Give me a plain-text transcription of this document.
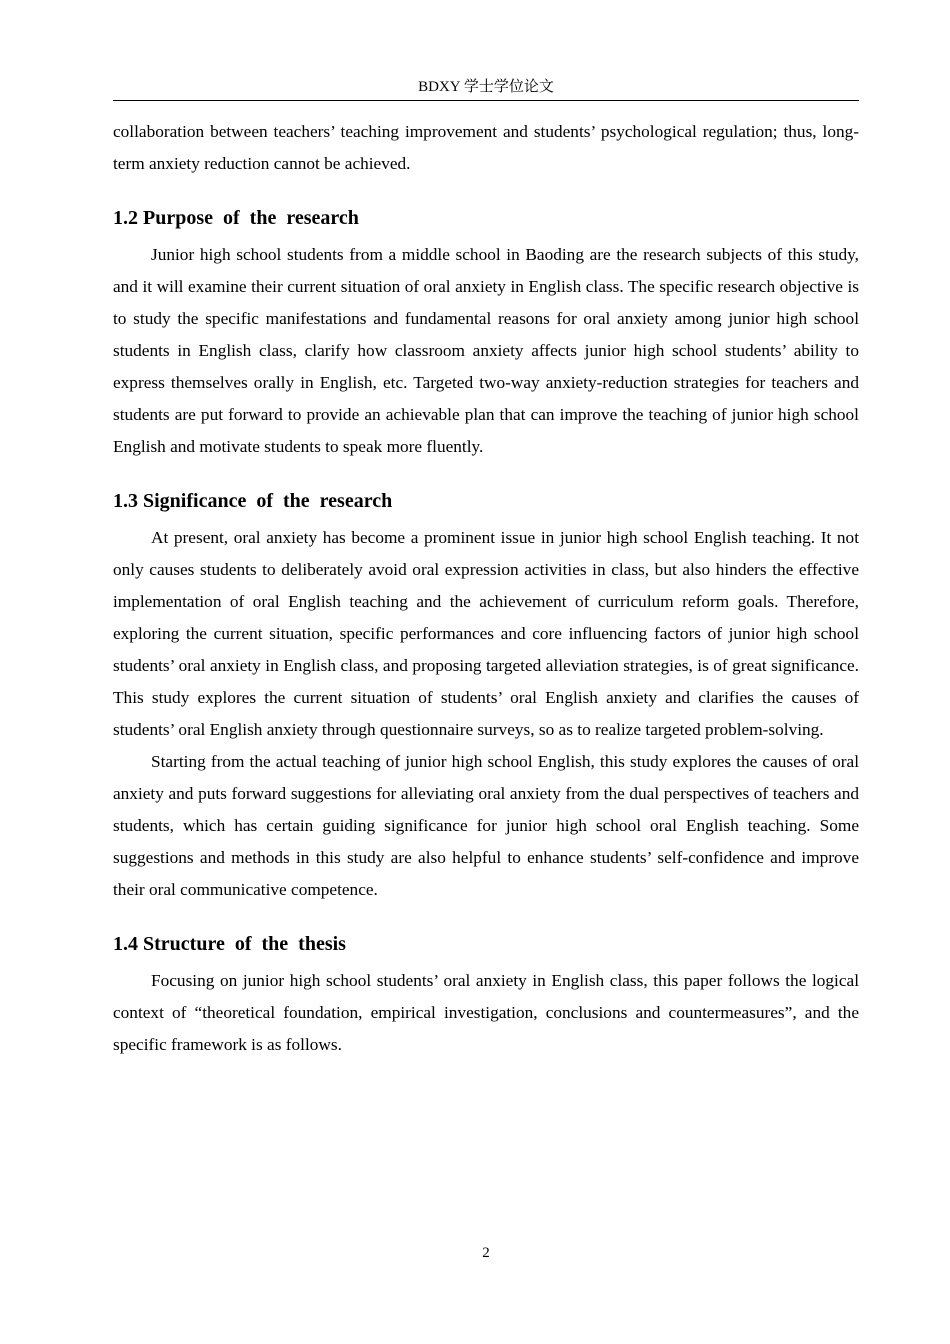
BDXY 学士学位论文

collaboration between teachers’ teaching improvement and students’ psychological regulation; thus, long-term anxiety reduction cannot be achieved.

1.2 Purpose  of  the  research

Junior high school students from a middle school in Baoding are the research subjects of this study, and it will examine their current situation of oral anxiety in English class. The specific research objective is to study the specific manifestations and fundamental reasons for oral anxiety among junior high school students in English class, clarify how classroom anxiety affects junior high school students’ ability to express themselves orally in English, etc. Targeted two-way anxiety-reduction strategies for teachers and students are put forward to provide an achievable plan that can improve the teaching of junior high school English and motivate students to speak more fluently.

1.3 Significance  of  the  research

At present, oral anxiety has become a prominent issue in junior high school English teaching. It not only causes students to deliberately avoid oral expression activities in class, but also hinders the effective implementation of oral English teaching and the achievement of curriculum reform goals. Therefore, exploring the current situation, specific performances and core influencing factors of junior high school students’ oral anxiety in English class, and proposing targeted alleviation strategies, is of great significance. This study explores the current situation of students’ oral English anxiety and clarifies the causes of students’ oral English anxiety through questionnaire surveys, so as to realize targeted problem-solving.

Starting from the actual teaching of junior high school English, this study explores the causes of oral anxiety and puts forward suggestions for alleviating oral anxiety from the dual perspectives of teachers and students, which has certain guiding significance for junior high school oral English teaching. Some suggestions and methods in this study are also helpful to enhance students’ self-confidence and improve their oral communicative competence.

1.4 Structure  of  the  thesis

Focusing on junior high school students’ oral anxiety in English class, this paper follows the logical context of “theoretical foundation, empirical investigation, conclusions and countermeasures”, and the specific framework is as follows.

2
